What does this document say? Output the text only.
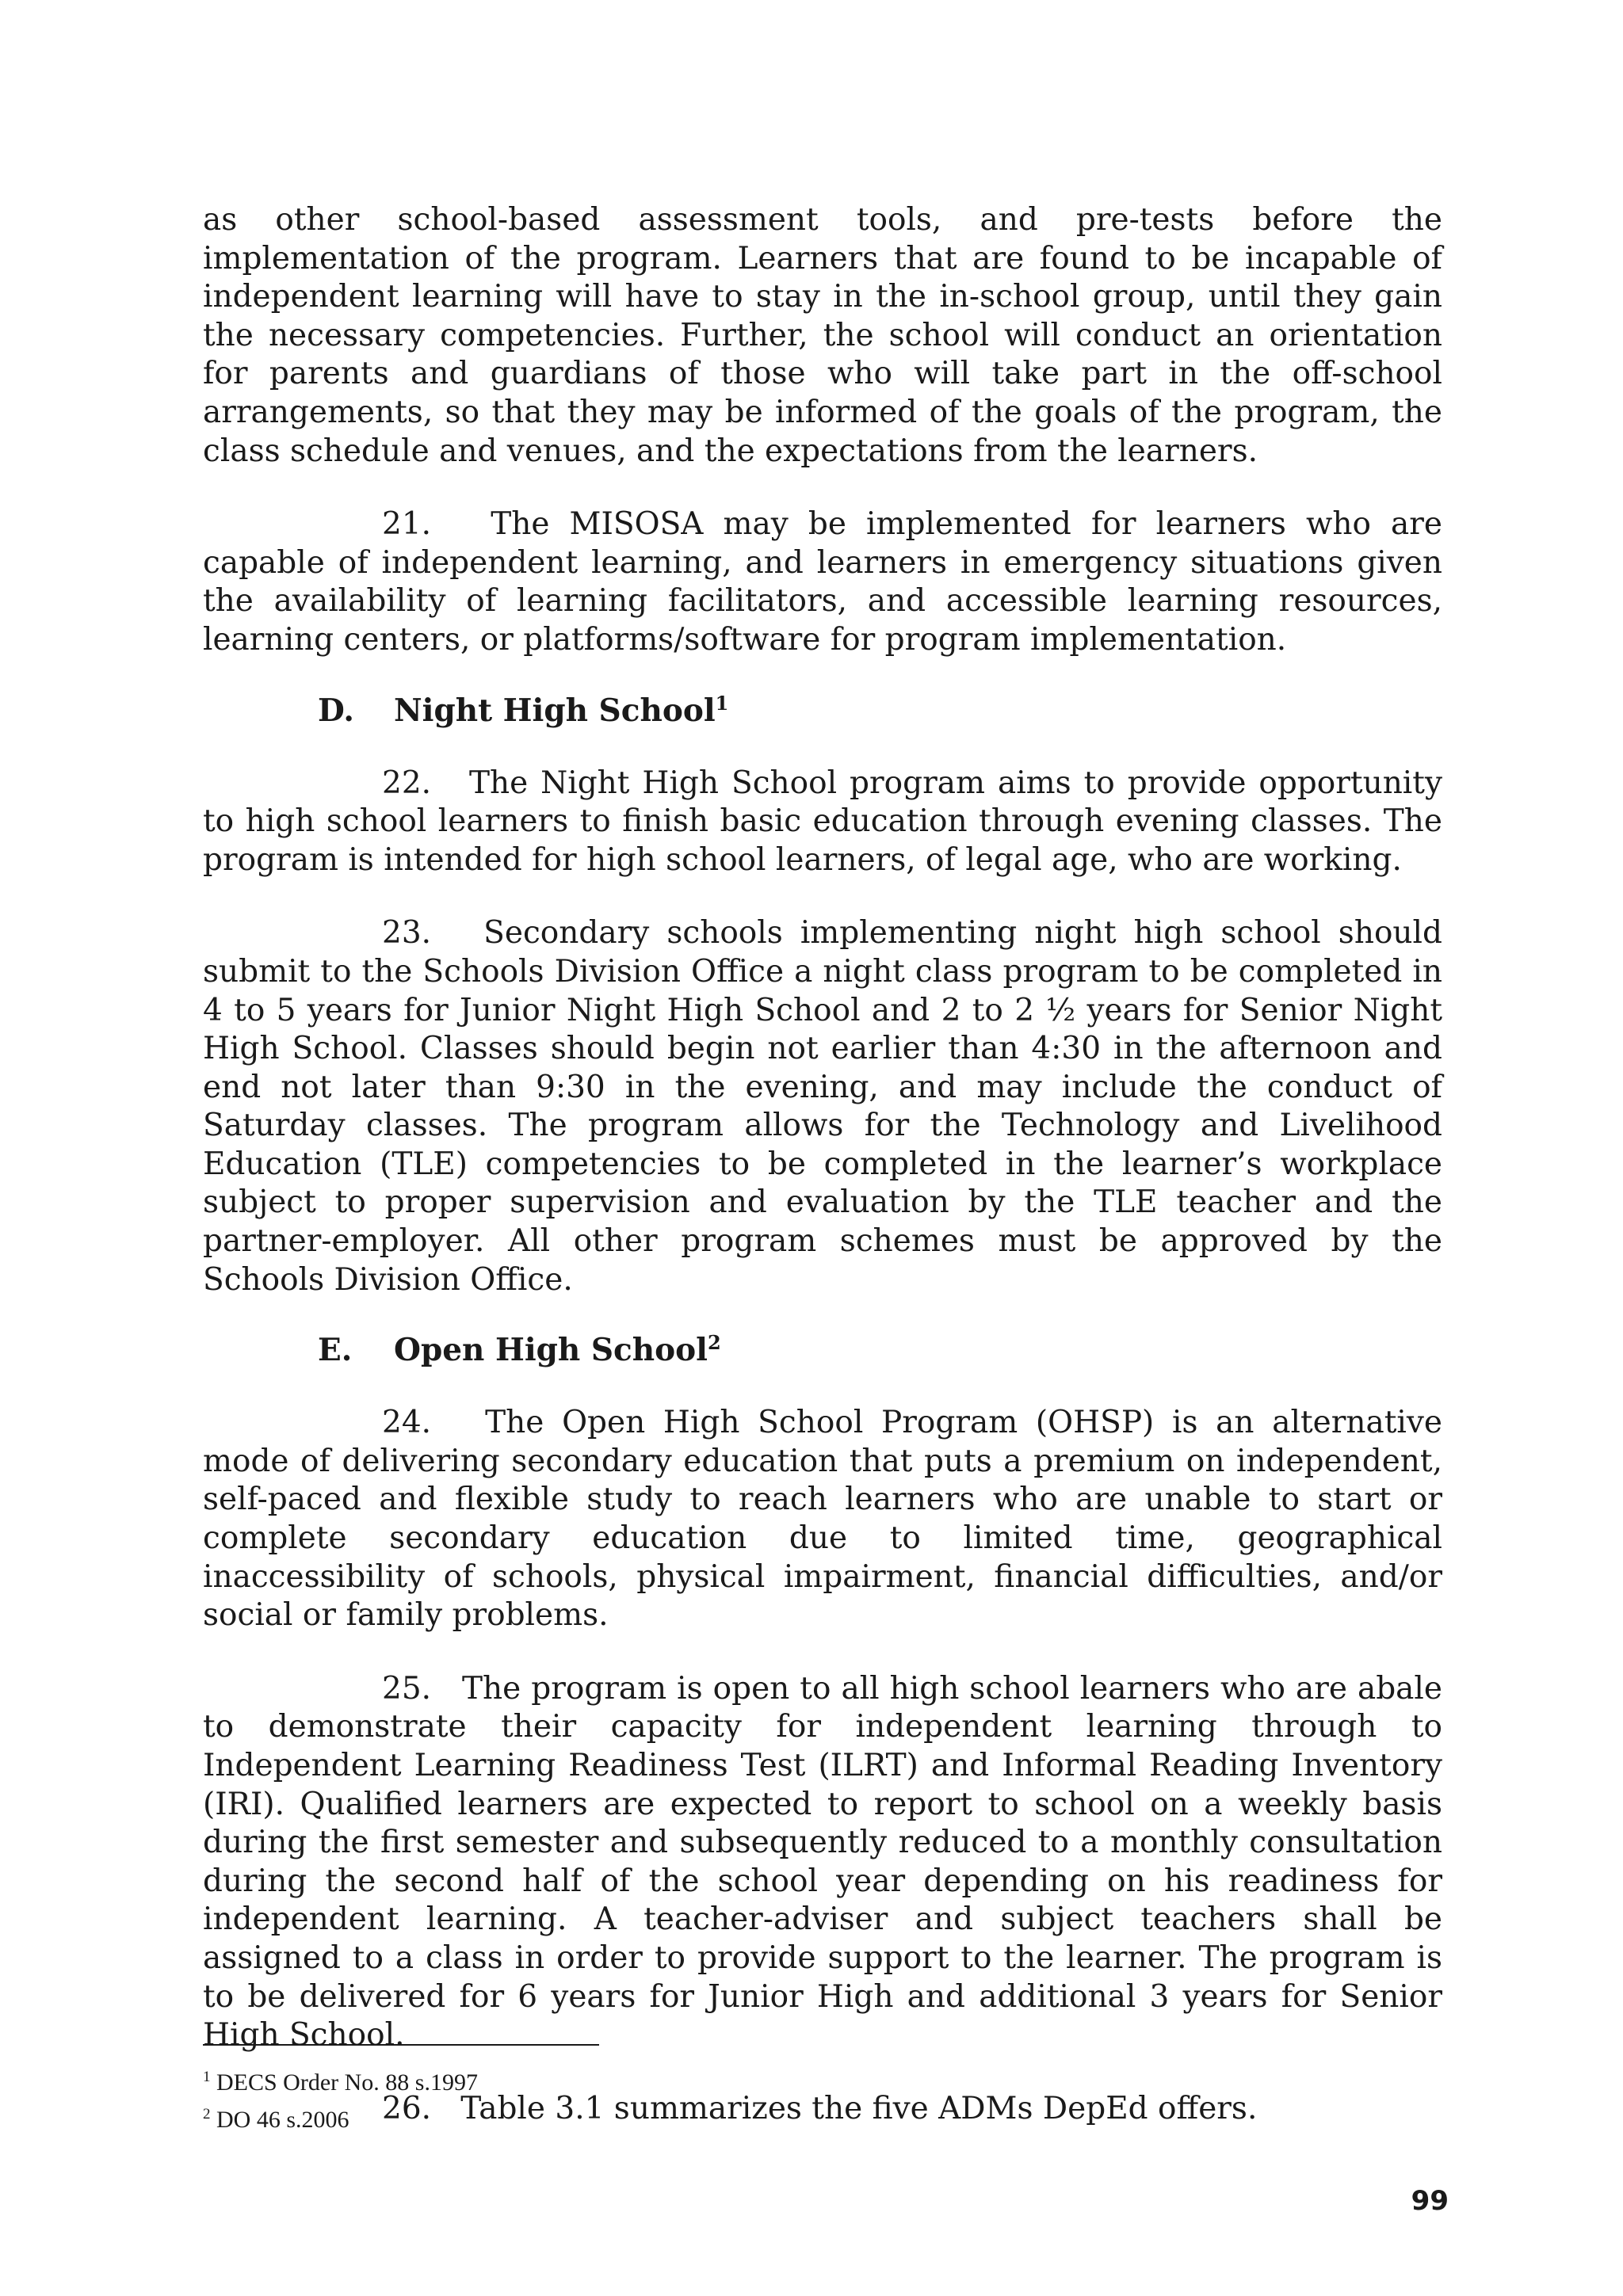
as other school-based assessment tools, and pre-tests before the implementation of the program. Learners that are found to be incapable of independent learning will have to stay in the in-school group, until they gain the necessary competencies. Further, the school will conduct an orientation for parents and guardians of those who will take part in the off-school arrangements, so that they may be informed of the goals of the program, the class schedule and venues, and the expectations from the learners.

21. The MISOSA may be implemented for learners who are capable of independent learning, and learners in emergency situations given the availability of learning facilitators, and accessible learning resources, learning centers, or platforms/software for program implementation.

D. Night High School$^1$

22. The Night High School program aims to provide opportunity to high school learners to finish basic education through evening classes. The program is intended for high school learners, of legal age, who are working.

23. Secondary schools implementing night high school should submit to the Schools Division Office a night class program to be completed in 4 to 5 years for Junior Night High School and 2 to 2 ½ years for Senior Night High School. Classes should begin not earlier than 4:30 in the afternoon and end not later than 9:30 in the evening, and may include the conduct of Saturday classes. The program allows for the Technology and Livelihood Education (TLE) competencies to be completed in the learner’s workplace subject to proper supervision and evaluation by the TLE teacher and the partner-employer. All other program schemes must be approved by the Schools Division Office.

E. Open High School$^2$

24. The Open High School Program (OHSP) is an alternative mode of delivering secondary education that puts a premium on independent, self-paced and flexible study to reach learners who are unable to start or complete secondary education due to limited time, geographical inaccessibility of schools, physical impairment, financial difficulties, and/or social or family problems.

25. The program is open to all high school learners who are abale to demonstrate their capacity for independent learning through to Independent Learning Readiness Test (ILRT) and Informal Reading Inventory (IRI). Qualified learners are expected to report to school on a weekly basis during the first semester and subsequently reduced to a monthly consultation during the second half of the school year depending on his readiness for independent learning. A teacher-adviser and subject teachers shall be assigned to a class in order to provide support to the learner. The program is to be delivered for 6 years for Junior High and additional 3 years for Senior High School.

26. Table 3.1 summarizes the five ADMs DepEd offers.

$^1$ DECS Order No. 88 s.1997
$^2$ DO 46 s.2006
99
